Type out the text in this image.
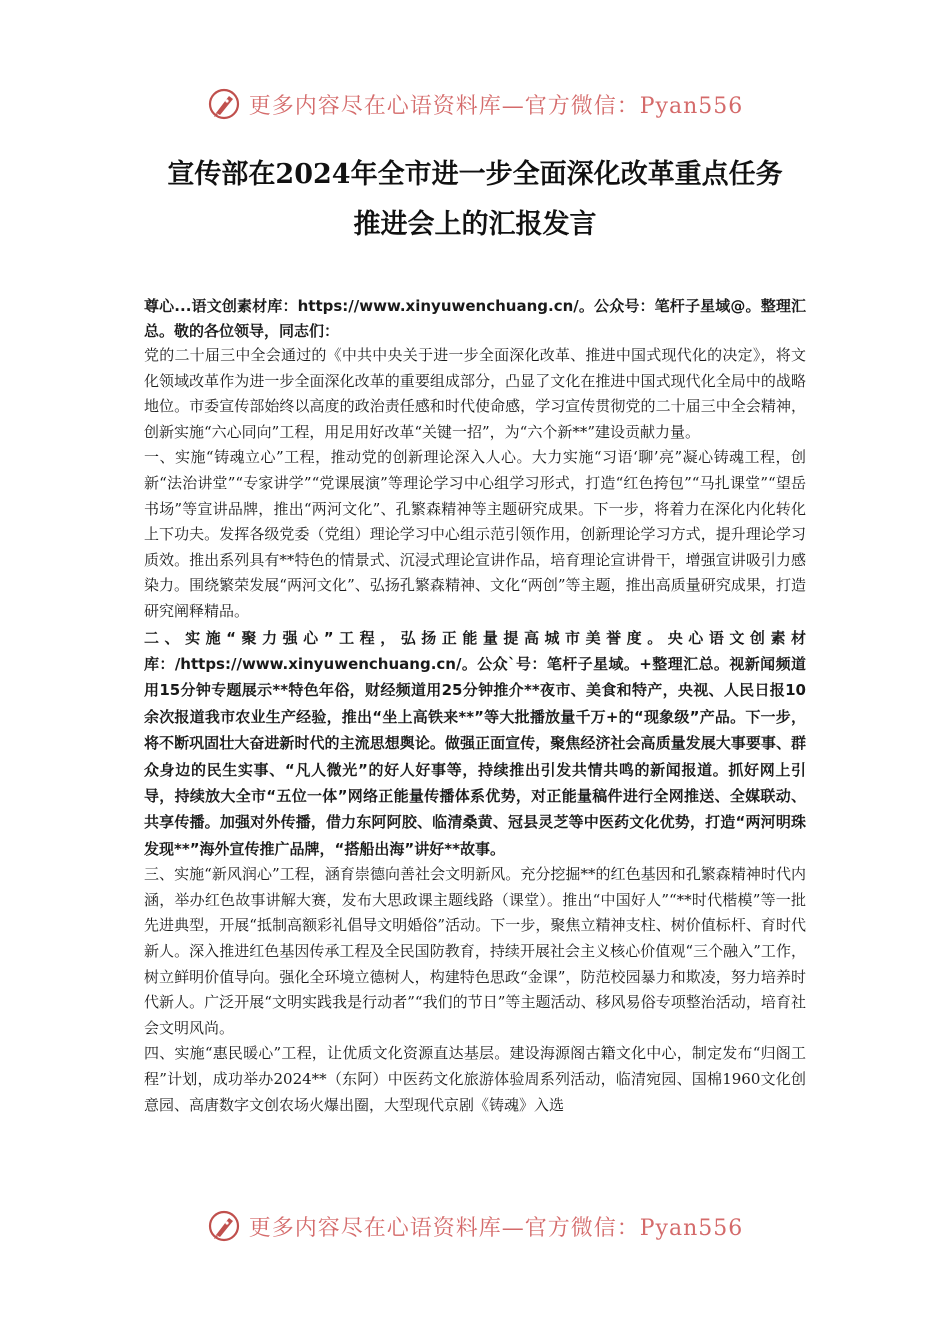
更多内容尽在心语资料库—官方微信：Pyan556
宣传部在2024年全市进一步全面深化改革重点任务
推进会上的汇报发言

尊心...语文创素材库：https://www.xinyuwenchuang.cn/。公众号：笔杆子星域@。整理汇总。敬的各位领导，同志们：

党的二十届三中全会通过的《中共中央关于进一步全面深化改革、推进中国式现代化的决定》，将文化领域改革作为进一步全面深化改革的重要组成部分，凸显了文化在推进中国式现代化全局中的战略地位。市委宣传部始终以高度的政治责任感和时代使命感，学习宣传贯彻党的二十届三中全会精神，创新实施“六心同向”工程，用足用好改革“关键一招”，为“六个新**”建设贡献力量。

一、实施“铸魂立心”工程，推动党的创新理论深入人心。大力实施“习语‘聊’亮”凝心铸魂工程，创新“法治讲堂”“专家讲学”“党课展演”等理论学习中心组学习形式，打造“红色挎包”“马扎课堂”“望岳书场”等宣讲品牌，推出“两河文化”、孔繁森精神等主题研究成果。下一步，将着力在深化内化转化上下功夫。发挥各级党委（党组）理论学习中心组示范引领作用，创新理论学习方式，提升理论学习质效。推出系列具有**特色的情景式、沉浸式理论宣讲作品，培育理论宣讲骨干，增强宣讲吸引力感染力。围绕繁荣发展“两河文化”、弘扬孔繁森精神、文化“两创”等主题，推出高质量研究成果，打造研究阐释精品。

二、实施“聚力强心”工程，弘扬正能量提高城市美誉度。央心语文创素材库：/https://www.xinyuwenchuang.cn/。公众`号：笔杆子星域。+整理汇总。视新闻频道用15分钟专题展示**特色年俗，财经频道用25分钟推介**夜市、美食和特产，央视、人民日报10余次报道我市农业生产经验，推出“坐上高铁来**”等大批播放量千万+的“现象级”产品。下一步，将不断巩固壮大奋进新时代的主流思想舆论。做强正面宣传，聚焦经济社会高质量发展大事要事、群众身边的民生实事、“凡人微光”的好人好事等，持续推出引发共情共鸣的新闻报道。抓好网上引导，持续放大全市“五位一体”网络正能量传播体系优势，对正能量稿件进行全网推送、全媒联动、共享传播。加强对外传播，借力东阿阿胶、临清桑黄、冠县灵芝等中医药文化优势，打造“两河明珠发现**”海外宣传推广品牌，“搭船出海”讲好**故事。

三、实施“新风润心”工程，涵育崇德向善社会文明新风。充分挖掘**的红色基因和孔繁森精神时代内涵，举办红色故事讲解大赛，发布大思政课主题线路（课堂）。推出“中国好人”“**时代楷模”等一批先进典型，开展“抵制高额彩礼倡导文明婚俗”活动。下一步，聚焦立精神支柱、树价值标杆、育时代新人。深入推进红色基因传承工程及全民国防教育，持续开展社会主义核心价值观“三个融入”工作，树立鲜明价值导向。强化全环境立德树人，构建特色思政“金课”，防范校园暴力和欺凌，努力培养时代新人。广泛开展“文明实践我是行动者”“我们的节日”等主题活动、移风易俗专项整治活动，培育社会文明风尚。

四、实施“惠民暖心”工程，让优质文化资源直达基层。建设海源阁古籍文化中心，制定发布“归阁工程”计划，成功举办2024**（东阿）中医药文化旅游体验周系列活动，临清宛园、国棉1960文化创意园、高唐数字文创农场火爆出圈，大型现代京剧《铸魂》入选

更多内容尽在心语资料库—官方微信：Pyan556
